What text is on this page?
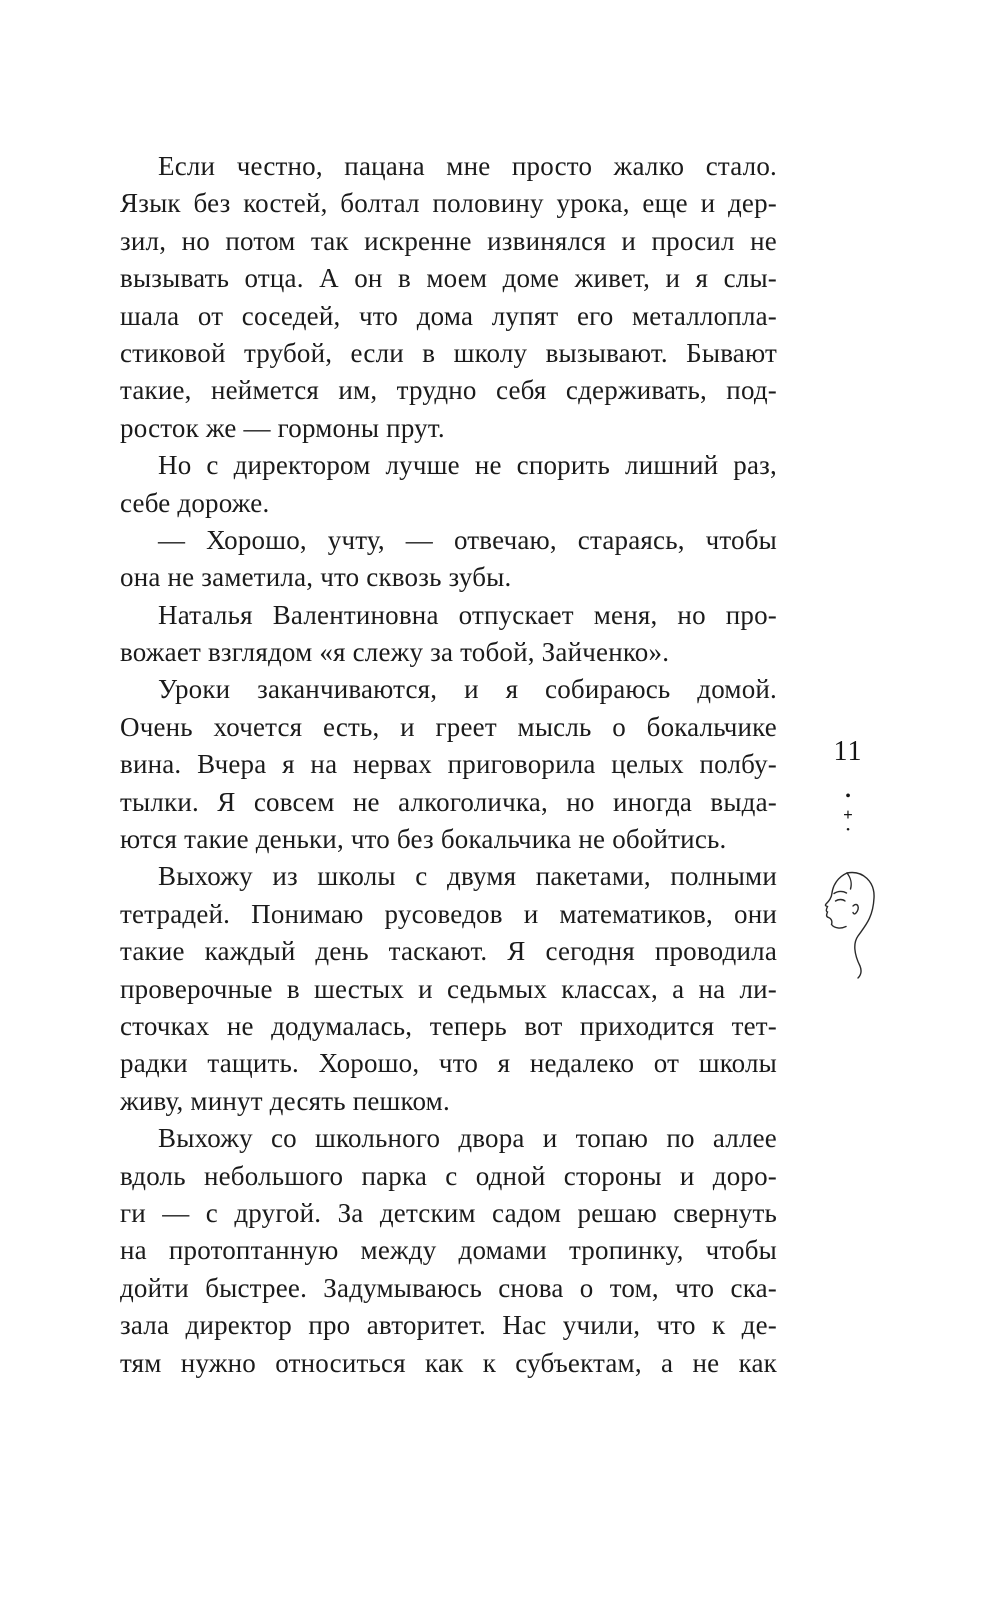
Если честно, пацана мне просто жалко стало.
Язык без костей, болтал половину урока, еще и дер-
зил, но потом так искренне извинялся и просил не
вызывать отца. А он в моем доме живет, и я слы-
шала от соседей, что дома лупят его металлопла-
стиковой трубой, если в школу вызывают. Бывают
такие, неймется им, трудно себя сдерживать, под-
росток же — гормоны прут.
Но с директором лучше не спорить лишний раз,
себе дороже.
— Хорошо, учту, — отвечаю, стараясь, чтобы
она не заметила, что сквозь зубы.
Наталья Валентиновна отпускает меня, но про-
вожает взглядом «я слежу за тобой, Зайченко».
Уроки заканчиваются, и я собираюсь домой.
Очень хочется есть, и греет мысль о бокальчике
вина. Вчера я на нервах приговорила целых полбу-
тылки. Я совсем не алкоголичка, но иногда выда-
ются такие деньки, что без бокальчика не обойтись.
Выхожу из школы с двумя пакетами, полными
тетрадей. Понимаю русоведов и математиков, они
такие каждый день таскают. Я сегодня проводила
проверочные в шестых и седьмых классах, а на ли-
сточках не додумалась, теперь вот приходится тет-
радки тащить. Хорошо, что я недалеко от школы
живу, минут десять пешком.
Выхожу со школьного двора и топаю по аллее
вдоль небольшого парка с одной стороны и доро-
ги — с другой. За детским садом решаю свернуть
на протоптанную между домами тропинку, чтобы
дойти быстрее. Задумываюсь снова о том, что ска-
зала директор про авторитет. Нас учили, что к де-
тям нужно относиться как к субъектам, а не как
11
•
+
•
